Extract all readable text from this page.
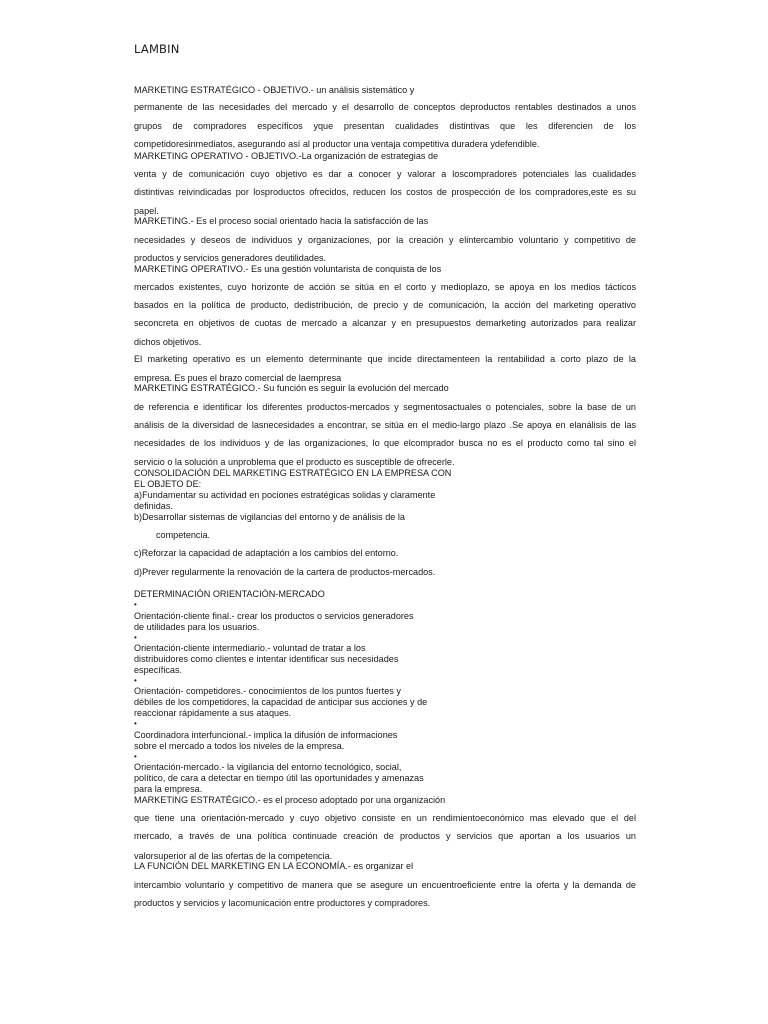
LAMBIN
MARKETING ESTRATÉGICO - OBJETIVO.- un análisis sistemático y
permanente de las necesidades del mercado y el desarrollo de conceptos deproductos rentables destinados a unos
grupos de compradores específicos yque presentan cualidades distintivas que les diferencien de los
competidoresinmediatos, asegurando así al productor una ventaja competitiva duradera ydefendible.
MARKETING OPERATIVO - OBJETIVO.-La organización de estrategias de
venta y de comunicación cuyo objetivo es dar a conocer y valorar a loscompradores potenciales las cualidades
distintivas reivindicadas por losproductos ofrecidos, reducen los costos de prospección de los compradores,este es su
papel.
MARKETING.- Es el proceso social orientado hacia la satisfacción de las
necesidades y deseos de individuos y organizaciones, por la creación y elintercambio voluntario y competitivo de
productos y servicios generadores deutilidades.
MARKETING OPERATIVO.- Es una gestión voluntarista de conquista de los
mercados existentes, cuyo horizonte de acción se sitúa en el corto y medioplazo, se apoya en los medios tácticos
basados en la política de producto, dedistribución, de precio y de comunicación, la acción del marketing operativo
seconcreta en objetivos de cuotas de mercado a alcanzar y en presupuestos demarketing autorizados para realizar
dichos objetivos.
El marketing operativo es un elemento determinante que incide directamenteen la rentabilidad a corto plazo de la
empresa. Es pues el brazo comercial de laempresa
MARKETING ESTRATÉGICO.- Su función es seguir la evolución del mercado
de referencia e identificar los diferentes productos-mercados y segmentosactuales o potenciales, sobre la base de un
análisis de la diversidad de lasnecesidades a encontrar, se sitúa en el medio-largo plazo .Se apoya en elanálisis de las
necesidades de los individuos y de las organizaciones, lo que elcomprador busca no es el producto como tal sino el
servicio o la solución a unproblema que el producto es susceptible de ofrecerle.
CONSOLIDACIÓN DEL MARKETING ESTRATÉGICO EN LA EMPRESA CON
EL OBJETO DE:
a)Fundamentar su actividad en pociones estratégicas solidas y claramente
definidas.
b)Desarrollar sistemas de vigilancias del entorno y de análisis de la
competencia.
c)Reforzar la capacidad de adaptación a los cambios del entorno.
d)Prever regularmente la renovación de la cartera de productos-mercados.
DETERMINACIÓN ORIENTACIÓN-MERCADO
•
Orientación-cliente final.- crear los productos o servicios generadores
de utilidades para los usuarios.
•
Orientación-cliente intermediario.- voluntad de tratar a los
distribuidores como clientes e intentar identificar sus necesidades
específicas.
•
Orientación- competidores.- conocimientos de los puntos fuertes y
débiles de los competidores, la capacidad de anticipar sus acciones y de
reaccionar rápidamente a sus ataques.
•
Coordinadora interfuncional.- implica la difusión de informaciones
sobre el mercado a todos los niveles de la empresa.
•
Orientación-mercado.- la vigilancia del entorno tecnológico, social,
político, de cara a detectar en tiempo útil las oportunidades y amenazas
para la empresa.
MARKETING ESTRATÉGICO.- es el proceso adoptado por una organización
que tiene una orientación-mercado y cuyo objetivo consiste en un rendimientoeconómico mas elevado que el del
mercado, a través de una política continuade creación de productos y servicios que aportan a los usuarios un
valorsuperior al de las ofertas de la competencia.
LA FUNCIÓN DEL MARKETING EN LA ECONOMÍA.- es organizar el
intercambio voluntario y competitivo de manera que se asegure un encuentroeficiente entre la oferta y la demanda de
productos y servicios y lacomunicación entre productores y compradores.
